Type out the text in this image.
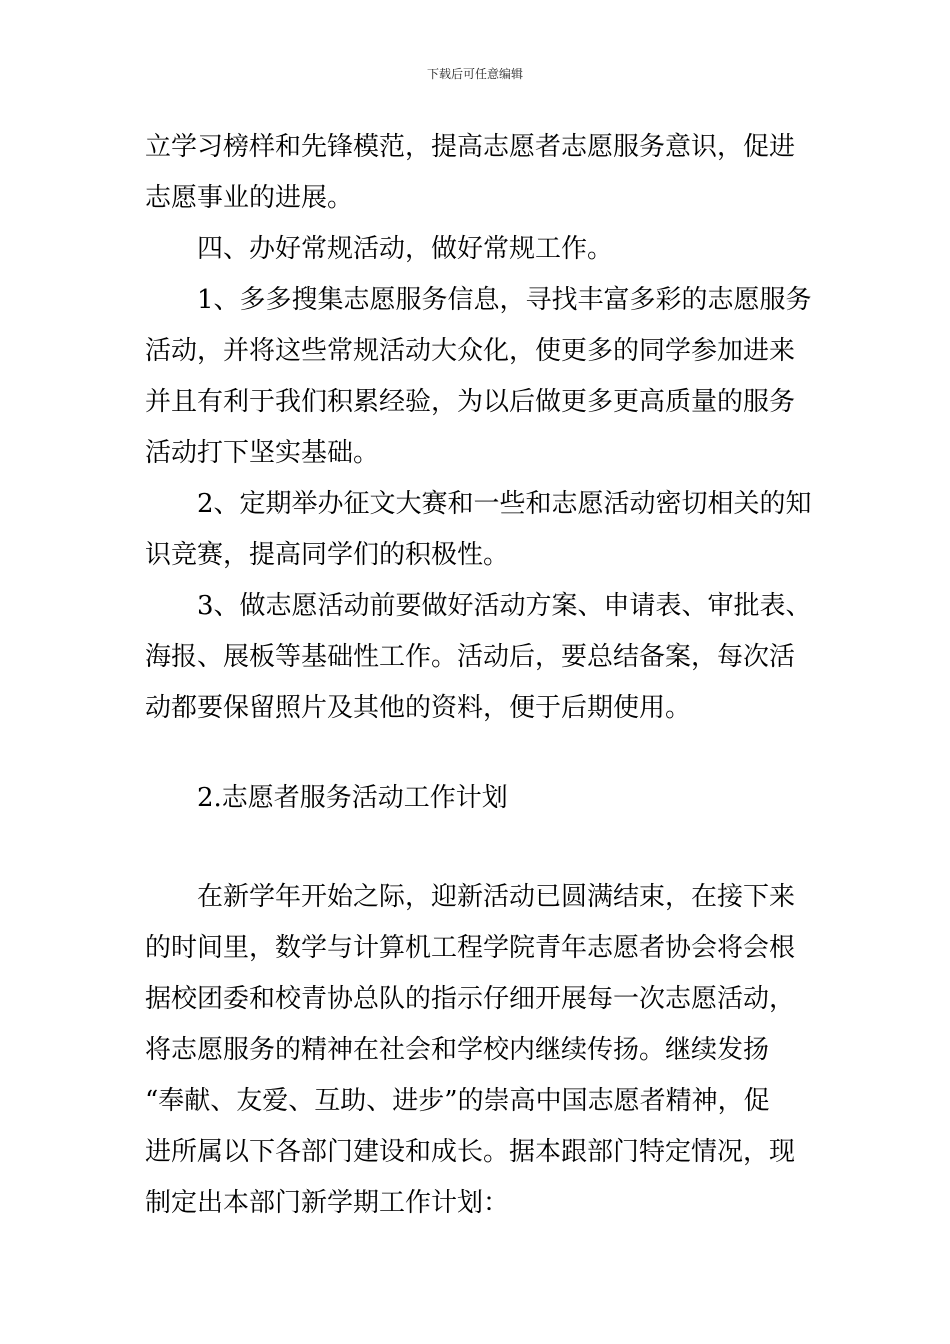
下载后可任意编辑
立学习榜样和先锋模范，提高志愿者志愿服务意识，促进
志愿事业的进展。
四、办好常规活动，做好常规工作。
1、多多搜集志愿服务信息，寻找丰富多彩的志愿服务
活动，并将这些常规活动大众化，使更多的同学参加进来
并且有利于我们积累经验，为以后做更多更高质量的服务
活动打下坚实基础。
2、定期举办征文大赛和一些和志愿活动密切相关的知
识竞赛，提高同学们的积极性。
3、做志愿活动前要做好活动方案、申请表、审批表、
海报、展板等基础性工作。活动后，要总结备案，每次活
动都要保留照片及其他的资料，便于后期使用。
2.志愿者服务活动工作计划
在新学年开始之际，迎新活动已圆满结束，在接下来
的时间里，数学与计算机工程学院青年志愿者协会将会根
据校团委和校青协总队的指示仔细开展每一次志愿活动，
将志愿服务的精神在社会和学校内继续传扬。继续发扬
“奉献、友爱、互助、进步”的崇高中国志愿者精神，促
进所属以下各部门建设和成长。据本跟部门特定情况，现
制定出本部门新学期工作计划：
